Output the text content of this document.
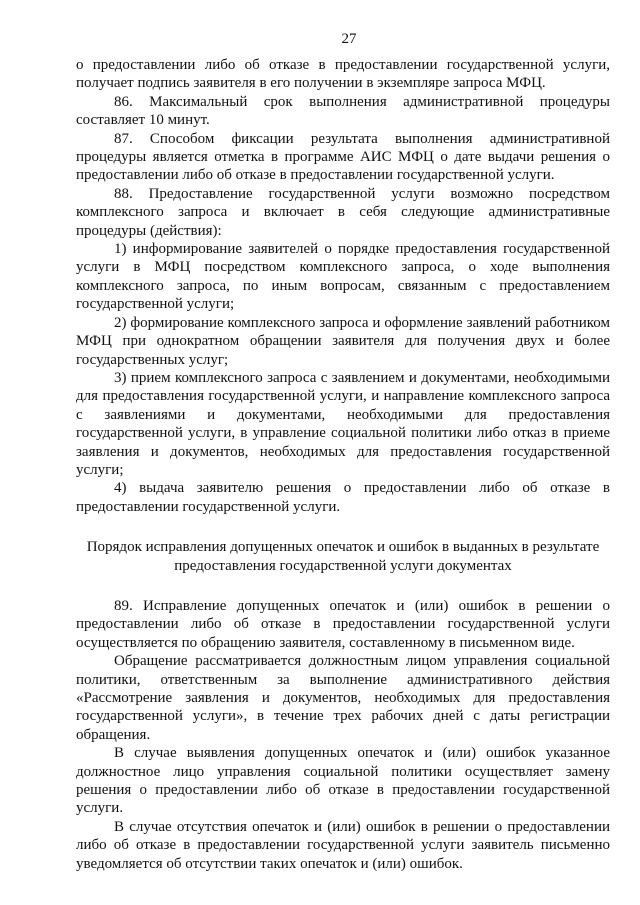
27

о предоставлении либо об отказе в предоставлении государственной услуги, получает подпись заявителя в его получении в экземпляре запроса МФЦ.

86. Максимальный срок выполнения административной процедуры составляет 10 минут.

87. Способом фиксации результата выполнения административной процедуры является отметка в программе АИС МФЦ о дате выдачи решения о предоставлении либо об отказе в предоставлении государственной услуги.

88. Предоставление государственной услуги возможно посредством комплексного запроса и включает в себя следующие административные процедуры (действия):

1) информирование заявителей о порядке предоставления государственной услуги в МФЦ посредством комплексного запроса, о ходе выполнения комплексного запроса, по иным вопросам, связанным с предоставлением государственной услуги;

2) формирование комплексного запроса и оформление заявлений работником МФЦ при однократном обращении заявителя для получения двух и более государственных услуг;

3) прием комплексного запроса с заявлением и документами, необходимыми для предоставления государственной услуги, и направление комплексного запроса с заявлениями и документами, необходимыми для предоставления государственной услуги, в управление социальной политики либо отказ в приеме заявления и документов, необходимых для предоставления государственной услуги;

4) выдача заявителю решения о предоставлении либо об отказе в предоставлении государственной услуги.

Порядок исправления допущенных опечаток и ошибок в выданных в результате предоставления государственной услуги документах

89. Исправление допущенных опечаток и (или) ошибок в решении о предоставлении либо об отказе в предоставлении государственной услуги осуществляется по обращению заявителя, составленному в письменном виде.

Обращение рассматривается должностным лицом управления социальной политики, ответственным за выполнение административного действия «Рассмотрение заявления и документов, необходимых для предоставления государственной услуги», в течение трех рабочих дней с даты регистрации обращения.

В случае выявления допущенных опечаток и (или) ошибок указанное должностное лицо управления социальной политики осуществляет замену решения о предоставлении либо об отказе в предоставлении государственной услуги.

В случае отсутствия опечаток и (или) ошибок в решении о предоставлении либо об отказе в предоставлении государственной услуги заявитель письменно уведомляется об отсутствии таких опечаток и (или) ошибок.
